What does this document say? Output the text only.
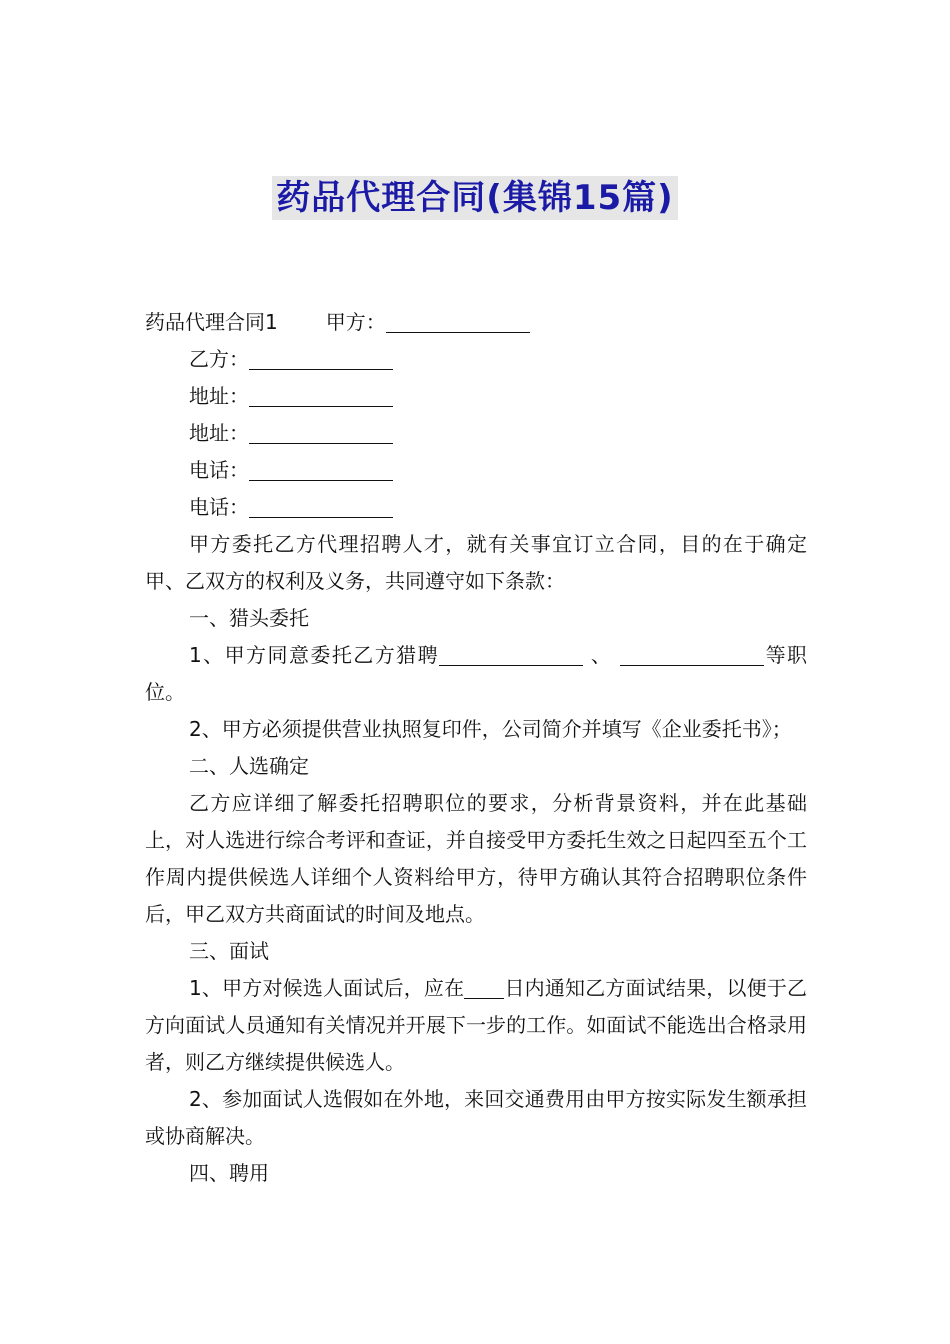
药品代理合同(集锦15篇)
药品代理合同1 甲方：
乙方：
地址：
地址：
电话：
电话：
甲方委托乙方代理招聘人才，就有关事宜订立合同，目的在于确定甲、乙双方的权利及义务，共同遵守如下条款：
一、猎头委托
1、甲方同意委托乙方猎聘	、	等职位。
2、甲方必须提供营业执照复印件，公司简介并填写《企业委托书》；
二、人选确定
乙方应详细了解委托招聘职位的要求，分析背景资料，并在此基础上，对人选进行综合考评和查证，并自接受甲方委托生效之日起四至五个工作周内提供候选人详细个人资料给甲方，待甲方确认其符合招聘职位条件后，甲乙双方共商面试的时间及地点。
三、面试
1、甲方对候选人面试后，应在 日内通知乙方面试结果，以便于乙方向面试人员通知有关情况并开展下一步的工作。如面试不能选出合格录用者，则乙方继续提供候选人。
2、参加面试人选假如在外地，来回交通费用由甲方按实际发生额承担或协商解决。
四、聘用
